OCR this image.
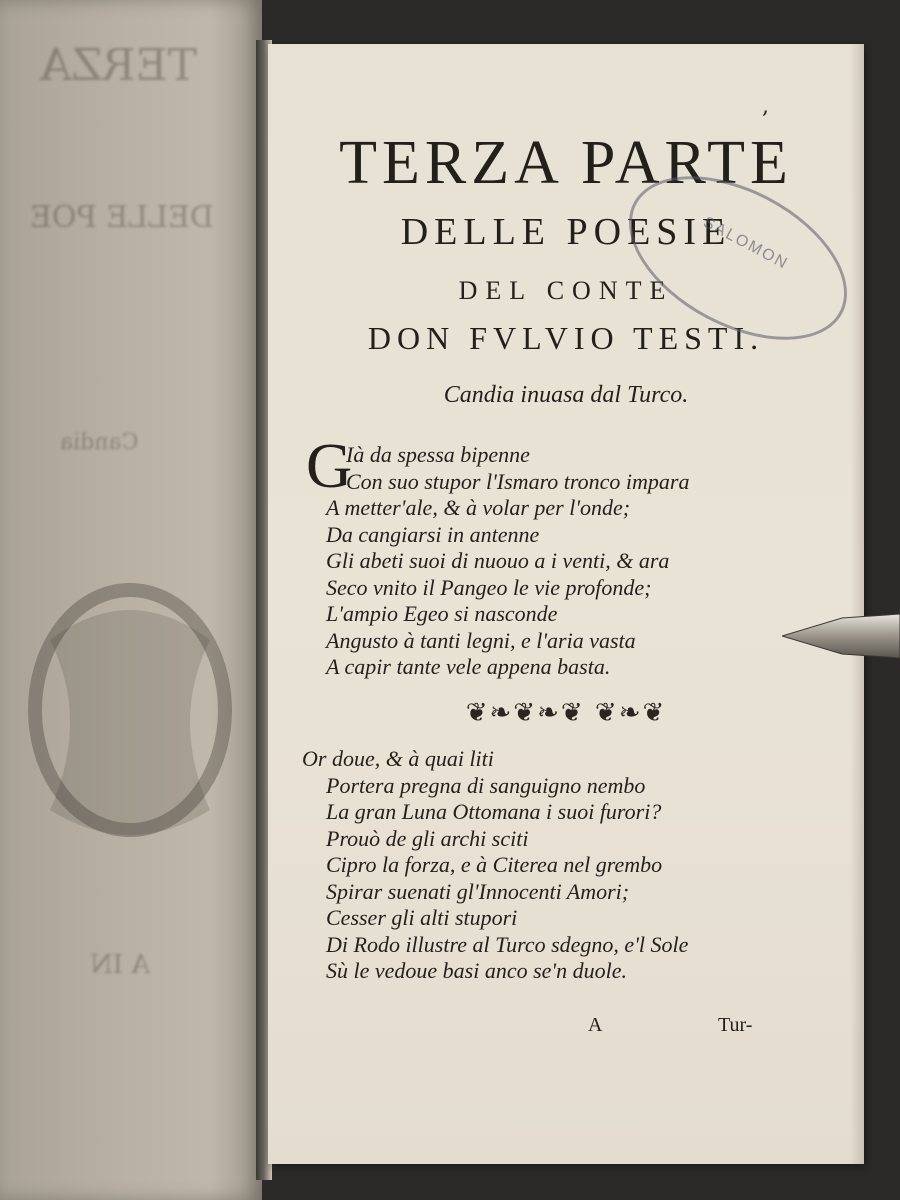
TERZA
DELLE POE
Candia
A IN
,
TERZA PARTE
DELLE POESIE
DEL CONTE
DON FVLVIO TESTI.
Candia inuasa dal Turco.
G
Ià da spessa bipenne
Con suo stupor l'Ismaro tronco impara
A metter'ale, & à volar per l'onde;
Da cangiarsi in antenne
Gli abeti suoi di nuouo a i venti, & ara
Seco vnito il Pangeo le vie profonde;
L'ampio Egeo si nasconde
Angusto à tanti legni, e l'aria vasta
A capir tante vele appena basta.
❦❧❦❧❦ ❦❧❦
Or doue, & à quai liti
Portera pregna di sanguigno nembo
La gran Luna Ottomana i suoi furori?
Prouò de gli archi sciti
Cipro la forza, e à Citerea nel grembo
Spirar suenati gl'Innocenti Amori;
Cesser gli alti stupori
Di Rodo illustre al Turco sdegno, e'l Sole
Sù le vedoue basi anco se'n duole.
A	Tur-
SALOMON
